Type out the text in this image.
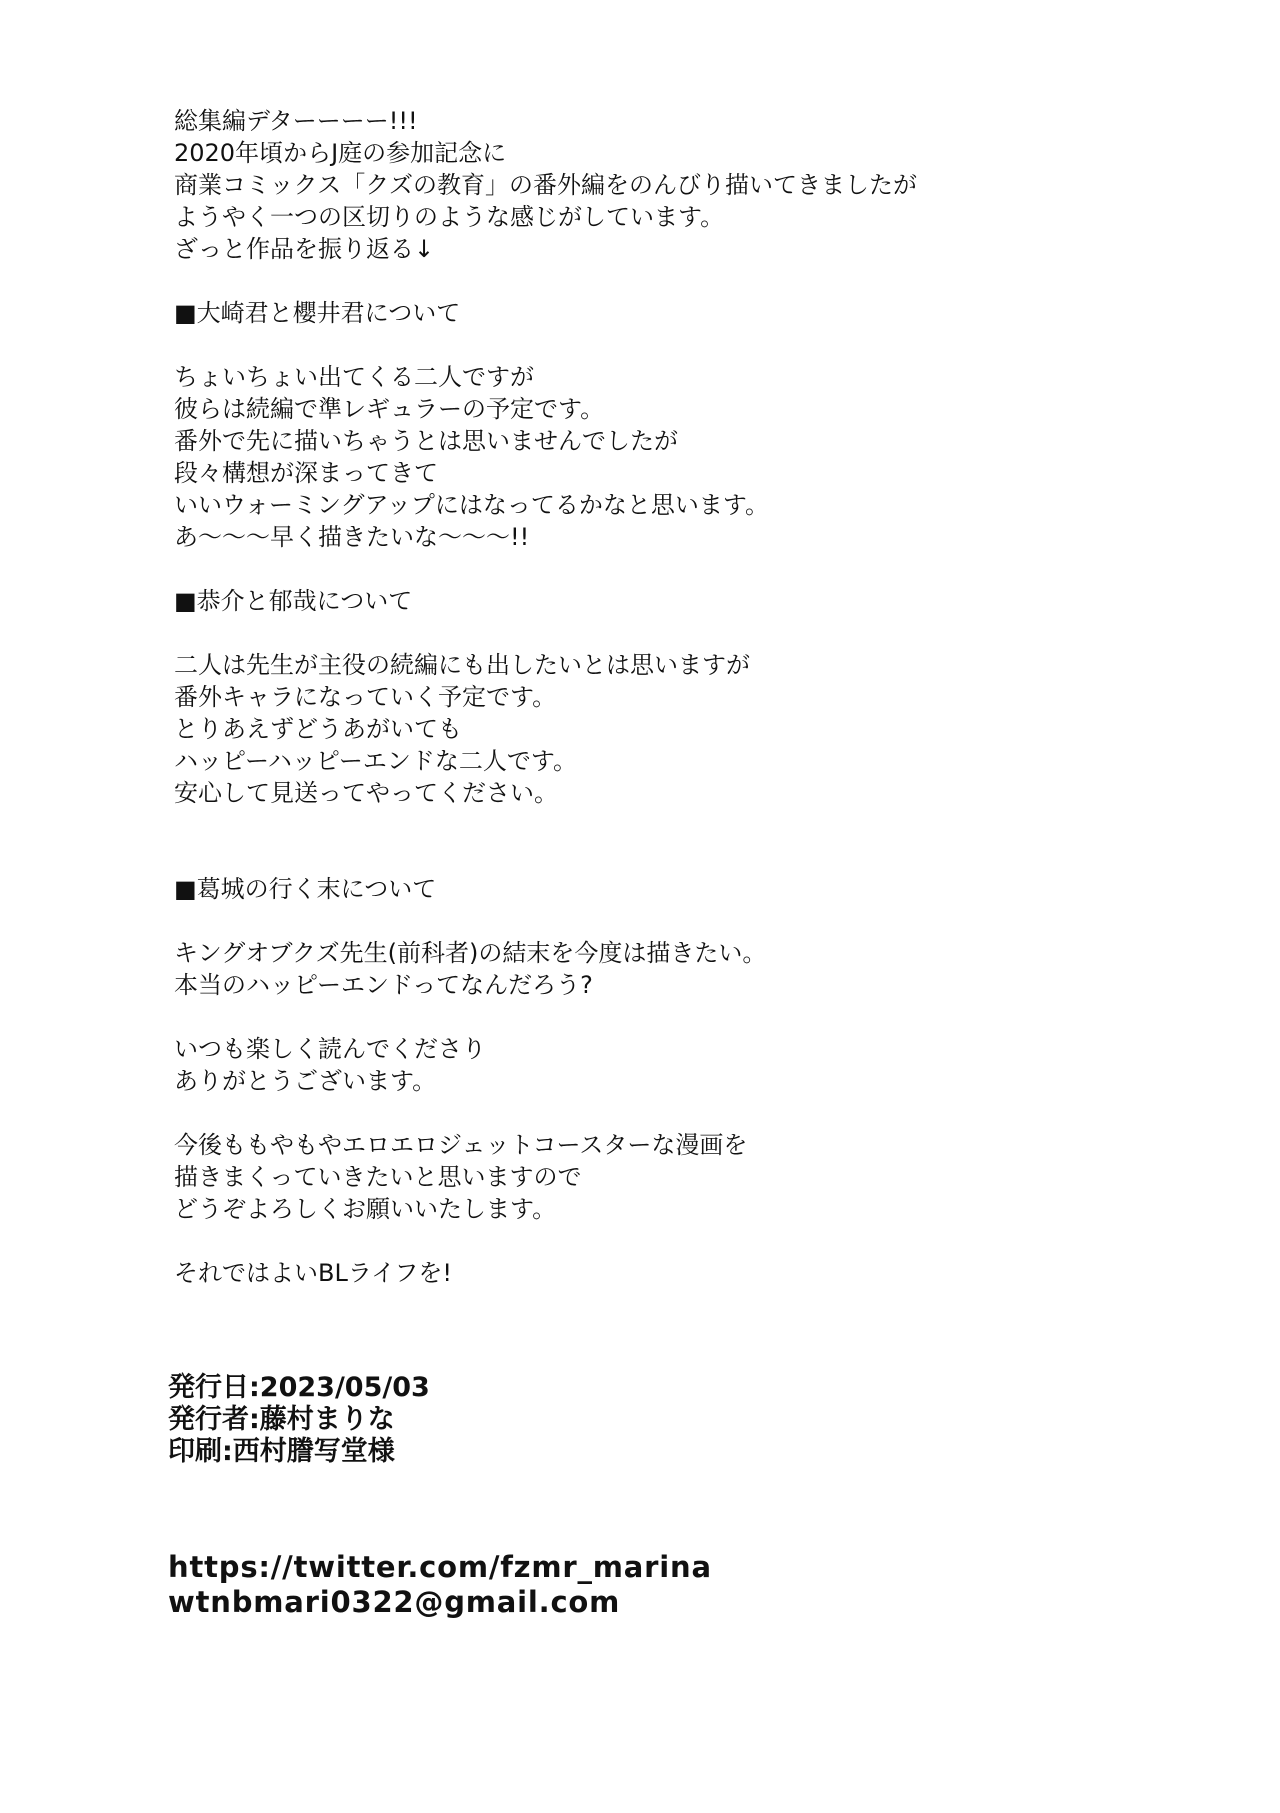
総集編デターーーー!!!
2020年頃からJ庭の参加記念に
商業コミックス「クズの教育」の番外編をのんびり描いてきましたが
ようやく一つの区切りのような感じがしています。
ざっと作品を振り返る↓
■大崎君と櫻井君について
ちょいちょい出てくる二人ですが
彼らは続編で準レギュラーの予定です。
番外で先に描いちゃうとは思いませんでしたが
段々構想が深まってきて
いいウォーミングアップにはなってるかなと思います。
あ〜〜〜早く描きたいな〜〜〜!!
■恭介と郁哉について
二人は先生が主役の続編にも出したいとは思いますが
番外キャラになっていく予定です。
とりあえずどうあがいても
ハッピーハッピーエンドな二人です。
安心して見送ってやってください。
■葛城の行く末について
キングオブクズ先生(前科者)の結末を今度は描きたい。
本当のハッピーエンドってなんだろう?
いつも楽しく読んでくださり
ありがとうございます。
今後ももやもやエロエロジェットコースターな漫画を
描きまくっていきたいと思いますので
どうぞよろしくお願いいたします。
それではよいBLライフを!
発行日:2023/05/03
発行者:藤村まりな
印刷:西村謄写堂様
https://twitter.com/fzmr_marina
wtnbmari0322@gmail.com
